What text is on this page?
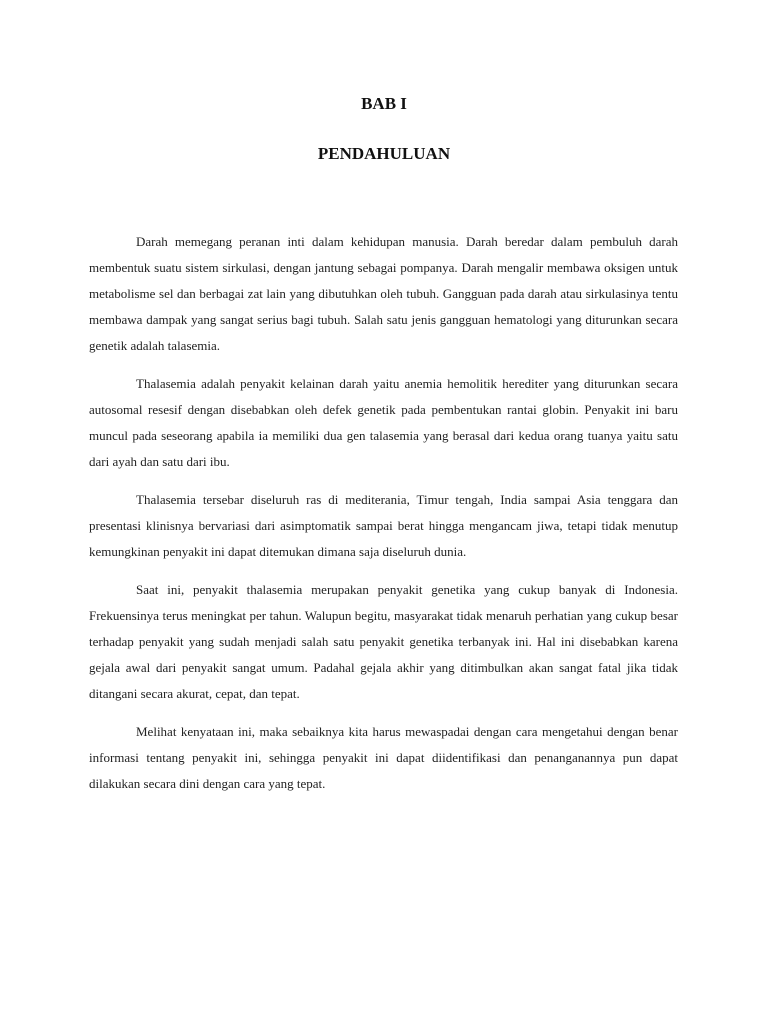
BAB I
PENDAHULUAN

Darah memegang peranan inti dalam kehidupan manusia. Darah beredar dalam pembuluh darah membentuk suatu sistem sirkulasi, dengan jantung sebagai pompanya. Darah mengalir membawa oksigen untuk metabolisme sel dan berbagai zat lain yang dibutuhkan oleh tubuh. Gangguan pada darah atau sirkulasinya tentu membawa dampak yang sangat serius bagi tubuh. Salah satu jenis gangguan hematologi yang diturunkan secara genetik adalah talasemia.

Thalasemia adalah penyakit kelainan darah yaitu anemia hemolitik herediter yang diturunkan secara autosomal resesif dengan disebabkan oleh defek genetik pada pembentukan rantai globin. Penyakit ini baru muncul pada seseorang apabila ia memiliki dua gen talasemia yang berasal dari kedua orang tuanya yaitu satu dari ayah dan satu dari ibu.

Thalasemia tersebar diseluruh ras di mediterania, Timur tengah, India sampai Asia tenggara dan presentasi klinisnya bervariasi dari asimptomatik sampai berat hingga mengancam jiwa, tetapi tidak menutup kemungkinan penyakit ini dapat ditemukan dimana saja diseluruh dunia.

Saat ini, penyakit thalasemia merupakan penyakit genetika yang cukup banyak di Indonesia. Frekuensinya terus meningkat per tahun. Walupun begitu, masyarakat tidak menaruh perhatian yang cukup besar terhadap penyakit yang sudah menjadi salah satu penyakit genetika terbanyak ini. Hal ini disebabkan karena gejala awal dari penyakit sangat umum. Padahal gejala akhir yang ditimbulkan akan sangat fatal jika tidak ditangani secara akurat, cepat, dan tepat.

Melihat kenyataan ini, maka sebaiknya kita harus mewaspadai dengan cara mengetahui dengan benar informasi tentang penyakit ini, sehingga penyakit ini dapat diidentifikasi dan penanganannya pun dapat dilakukan secara dini dengan cara yang tepat.
